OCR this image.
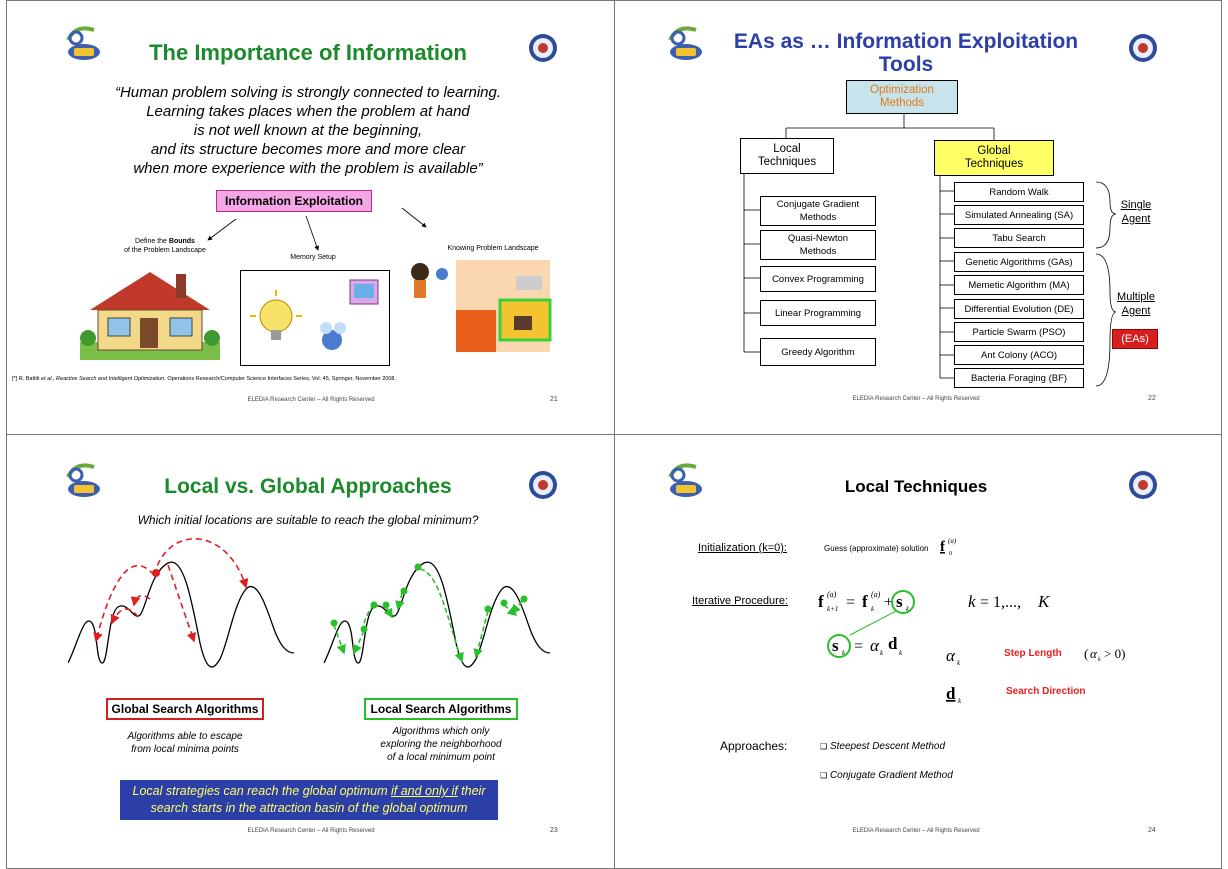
The Importance of Information
“Human problem solving is strongly connected to learning.
Learning takes places when the problem at hand
is not well known at the beginning,
and its structure becomes more and more clear
when more experience with the problem is available”
Information Exploitation
Define the Bounds
of the Problem Landscape
Memory Setup
Knowing Problem Landscape
[*] R. Battiti et al., Reactive Search and Intelligent Optimization. Operations Research/Computer Science Interfaces Series, Vol. 45, Springer, November 2008.
ELEDIA Research Center – All Rights Reserved	21
EAs as … Information Exploitation
Tools
Optimization Methods
Local Techniques
Global Techniques
Conjugate Gradient Methods
Quasi-Newton Methods
Convex Programming
Linear Programming
Greedy Algorithm
Random Walk
Simulated Annealing (SA)
Tabu Search
Genetic Algorithms (GAs)
Memetic Algorithm (MA)
Differential Evolution (DE)
Particle Swarm (PSO)
Ant Colony (ACO)
Bacteria Foraging (BF)
Single
Agent
Multiple
Agent
(EAs)
ELEDIA Research Center – All Rights Reserved	22
Local vs. Global Approaches
Which initial locations are suitable to reach the global minimum?
Global Search Algorithms
Algorithms able to escape
from local minima points
Local Search Algorithms
Algorithms which only
exploring the neighborhood
of a local minimum point
Local strategies can reach the global optimum if and only if their
search starts in the attraction basin of the global optimum
ELEDIA Research Center – All Rights Reserved	23
Local Techniques
Initialization (k=0):	Guess (approximate) solution f (a)
0
Iterative Procedure: f (a)
k+1 = f (a)
k + s k	k = 1,..., K
s k = α k d k	α k
Step Length ( α k > 0)
d k
Search Direction
Approaches:	❑ Steepest Descent Method
❑ Conjugate Gradient Method
ELEDIA Research Center – All Rights Reserved	24
